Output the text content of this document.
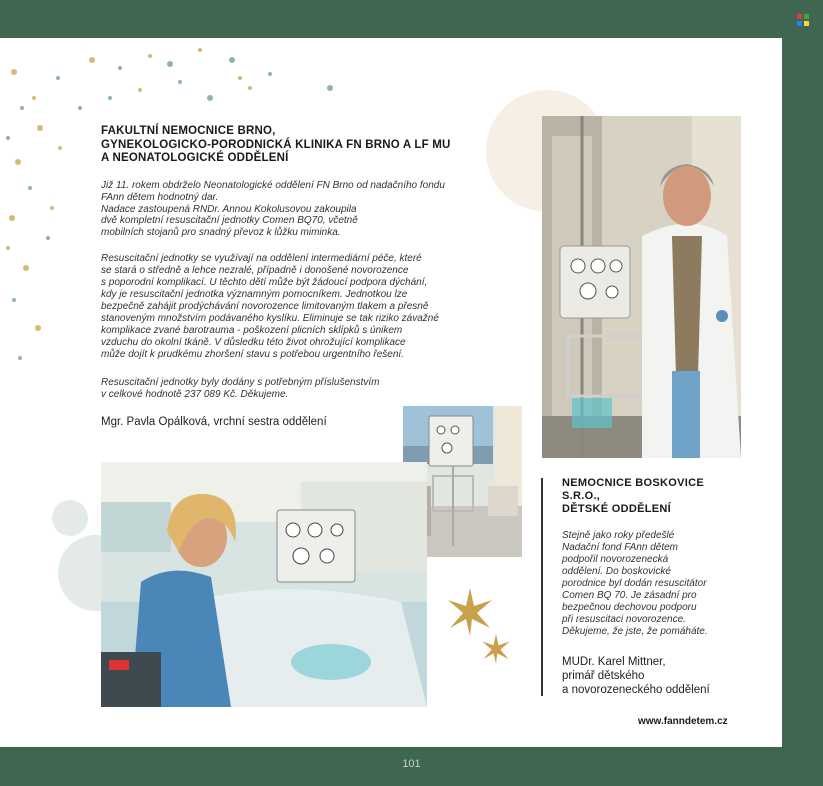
FAKULTNÍ NEMOCNICE BRNO,
GYNEKOLOGICKO-PORODNICKÁ KLINIKA FN BRNO A LF MU
A NEONATOLOGICKÉ ODDĚLENÍ
Již 11. rokem obdrželo Neonatologické oddělení FN Brno od nadačního fondu
FAnn dětem hodnotný dar.
Nadace zastoupená RNDr. Annou Kokolusovou zakoupila
dvě kompletní resuscitační jednotky Comen BQ70, včetně
mobilních stojanů pro snadný převoz k lůžku miminka.
Resuscitační jednotky se využívají na oddělení intermediární péče, které
se stará o středně a lehce nezralé, případně i donošené novorozence
s poporodní komplikací. U těchto dětí může být žádoucí podpora dýchání,
kdy je resuscitační jednotka významným pomocníkem. Jednotkou lze
bezpečně zahájit prodýchávání novorozence limitovaným tlakem a přesně
stanoveným množstvím podávaného kyslíku. Eliminuje se tak riziko závažné
komplikace zvané barotrauma - poškození plicních sklípků s únikem
vzduchu do okolní tkáně. V důsledku této život ohrožující komplikace
může dojít k prudkému zhoršení stavu s potřebou urgentního řešení.
Resuscitační jednotky byly dodány s potřebným příslušenstvím
v celkové hodnotě 237 089 Kč. Děkujeme.
Mgr. Pavla Opálková, vrchní sestra oddělení
NEMOCNICE BOSKOVICE
S.R.O.,
DĚTSKÉ ODDĚLENÍ
Stejně jako roky předešlé
Nadační fond FAnn dětem
podpořil novorozenecká
oddělení. Do boskovické
porodnice byl dodán resuscitátor
Comen BQ 70. Je zásadní pro
bezpečnou dechovou podporu
při resuscitaci novorozence.
Děkujeme, že jste, že pomáháte.
MUDr. Karel Mittner,
primář dětského
a novorozeneckého oddělení
www.fanndetem.cz
101
